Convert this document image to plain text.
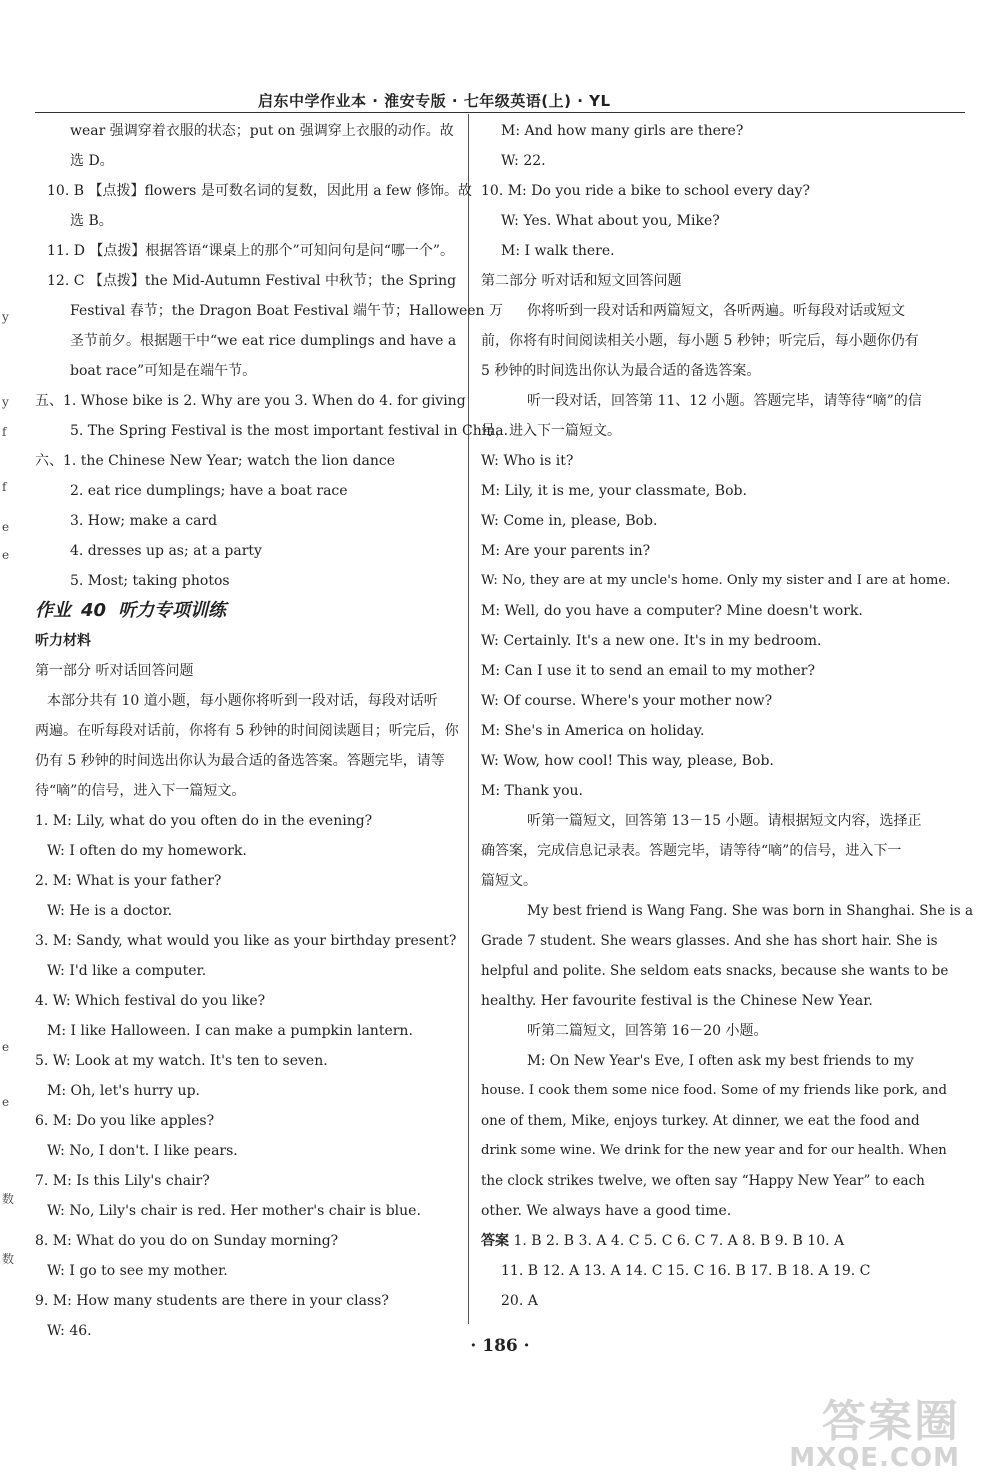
启东中学作业本 · 淮安专版 · 七年级英语(上) · YL
y
y
f
f
e
e
e
e
数
数
wear 强调穿着衣服的状态；put on 强调穿上衣服的动作。故
选 D。
10. B 【点拨】flowers 是可数名词的复数，因此用 a few 修饰。故
选 B。
11. D 【点拨】根据答语“课桌上的那个”可知问句是问“哪一个”。
12. C 【点拨】the Mid-Autumn Festival 中秋节；the Spring
Festival 春节；the Dragon Boat Festival 端午节；Halloween 万
圣节前夕。根据题干中“we eat rice dumplings and have a
boat race”可知是在端午节。
五、1. Whose bike is 2. Why are you 3. When do 4. for giving
5. The Spring Festival is the most important festival in China.
六、1. the Chinese New Year; watch the lion dance
2. eat rice dumplings; have a boat race
3. How; make a card
4. dresses up as; at a party
5. Most; taking photos
作业 40 听力专项训练
听力材料
第一部分 听对话回答问题
本部分共有 10 道小题，每小题你将听到一段对话，每段对话听
两遍。在听每段对话前，你将有 5 秒钟的时间阅读题目；听完后，你
仍有 5 秒钟的时间选出你认为最合适的备选答案。答题完毕，请等
待“嘀”的信号，进入下一篇短文。
1. M: Lily, what do you often do in the evening?
W: I often do my homework.
2. M: What is your father?
W: He is a doctor.
3. M: Sandy, what would you like as your birthday present?
W: I'd like a computer.
4. W: Which festival do you like?
M: I like Halloween. I can make a pumpkin lantern.
5. W: Look at my watch. It's ten to seven.
M: Oh, let's hurry up.
6. M: Do you like apples?
W: No, I don't. I like pears.
7. M: Is this Lily's chair?
W: No, Lily's chair is red. Her mother's chair is blue.
8. M: What do you do on Sunday morning?
W: I go to see my mother.
9. M: How many students are there in your class?
W: 46.
M: And how many girls are there?
W: 22.
10. M: Do you ride a bike to school every day?
W: Yes. What about you, Mike?
M: I walk there.
第二部分 听对话和短文回答问题
你将听到一段对话和两篇短文，各听两遍。听每段对话或短文
前，你将有时间阅读相关小题，每小题 5 秒钟；听完后，每小题你仍有
5 秒钟的时间选出你认为最合适的备选答案。
听一段对话，回答第 11、12 小题。答题完毕，请等待“嘀”的信
号，进入下一篇短文。
W: Who is it?
M: Lily, it is me, your classmate, Bob.
W: Come in, please, Bob.
M: Are your parents in?
W: No, they are at my uncle's home. Only my sister and I are at home.
M: Well, do you have a computer? Mine doesn't work.
W: Certainly. It's a new one. It's in my bedroom.
M: Can I use it to send an email to my mother?
W: Of course. Where's your mother now?
M: She's in America on holiday.
W: Wow, how cool! This way, please, Bob.
M: Thank you.
听第一篇短文，回答第 13－15 小题。请根据短文内容，选择正
确答案，完成信息记录表。答题完毕，请等待“嘀”的信号，进入下一
篇短文。
My best friend is Wang Fang. She was born in Shanghai. She is a
Grade 7 student. She wears glasses. And she has short hair. She is
helpful and polite. She seldom eats snacks, because she wants to be
healthy. Her favourite festival is the Chinese New Year.
听第二篇短文，回答第 16－20 小题。
M: On New Year's Eve, I often ask my best friends to my
house. I cook them some nice food. Some of my friends like pork, and
one of them, Mike, enjoys turkey. At dinner, we eat the food and
drink some wine. We drink for the new year and for our health. When
the clock strikes twelve, we often say “Happy New Year” to each
other. We always have a good time.
答案 1. B 2. B 3. A 4. C 5. C 6. C 7. A 8. B 9. B 10. A
11. B 12. A 13. A 14. C 15. C 16. B 17. B 18. A 19. C
20. A
· 186 ·
答案圈
MXQE.COM
